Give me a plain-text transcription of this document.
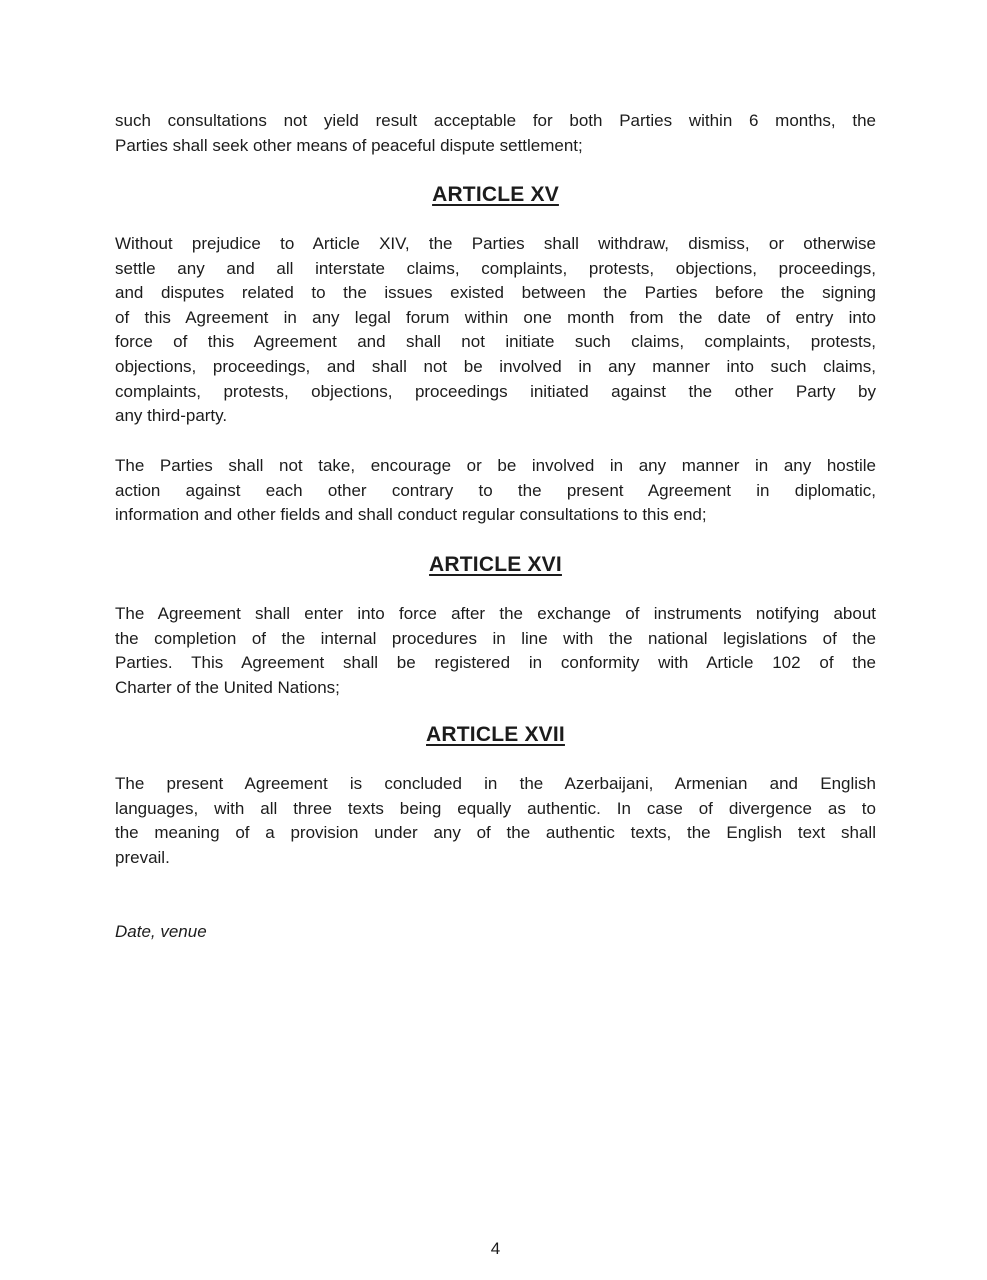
such consultations not yield result acceptable for both Parties within 6 months, the
Parties shall seek other means of peaceful dispute settlement;
ARTICLE XV
Without prejudice to Article XIV, the Parties shall withdraw, dismiss, or otherwise
settle any and all interstate claims, complaints, protests, objections, proceedings,
and disputes related to the issues existed between the Parties before the signing
of this Agreement in any legal forum within one month from the date of entry into
force of this Agreement and shall not initiate such claims, complaints, protests,
objections, proceedings, and shall not be involved in any manner into such claims,
complaints, protests, objections, proceedings initiated against the other Party by
any third-party.
The Parties shall not take, encourage or be involved in any manner in any hostile
action against each other contrary to the present Agreement in diplomatic,
information and other fields and shall conduct regular consultations to this end;
ARTICLE XVI
The Agreement shall enter into force after the exchange of instruments notifying about
the completion of the internal procedures in line with the national legislations of the
Parties. This Agreement shall be registered in conformity with Article 102 of the
Charter of the United Nations;
ARTICLE XVII
The present Agreement is concluded in the Azerbaijani, Armenian and English
languages, with all three texts being equally authentic. In case of divergence as to
the meaning of a provision under any of the authentic texts, the English text shall
prevail.
Date, venue
4
